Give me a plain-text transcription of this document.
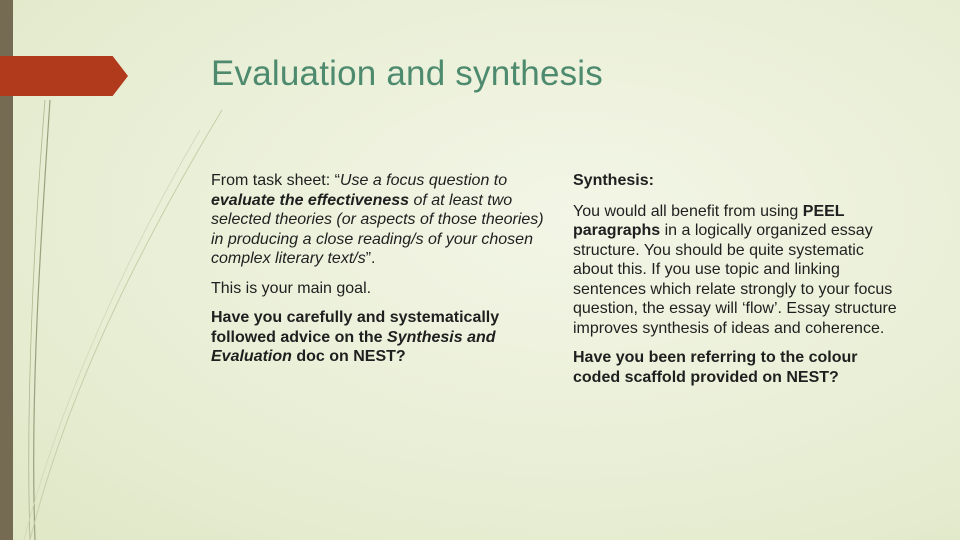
Evaluation and synthesis

From task sheet: “Use a focus question to evaluate the effectiveness of at least two selected theories (or aspects of those theories) in producing a close reading/s of your chosen complex literary text/s”.

This is your main goal.

Have you carefully and systematically followed advice on the Synthesis and Evaluation doc on NEST?

Synthesis:

You would all benefit from using PEEL paragraphs in a logically organized essay structure. You should be quite systematic about this. If you use topic and linking sentences which relate strongly to your focus question, the essay will ‘flow’. Essay structure improves synthesis of ideas and coherence.

Have you been referring to the colour coded scaffold provided on NEST?
